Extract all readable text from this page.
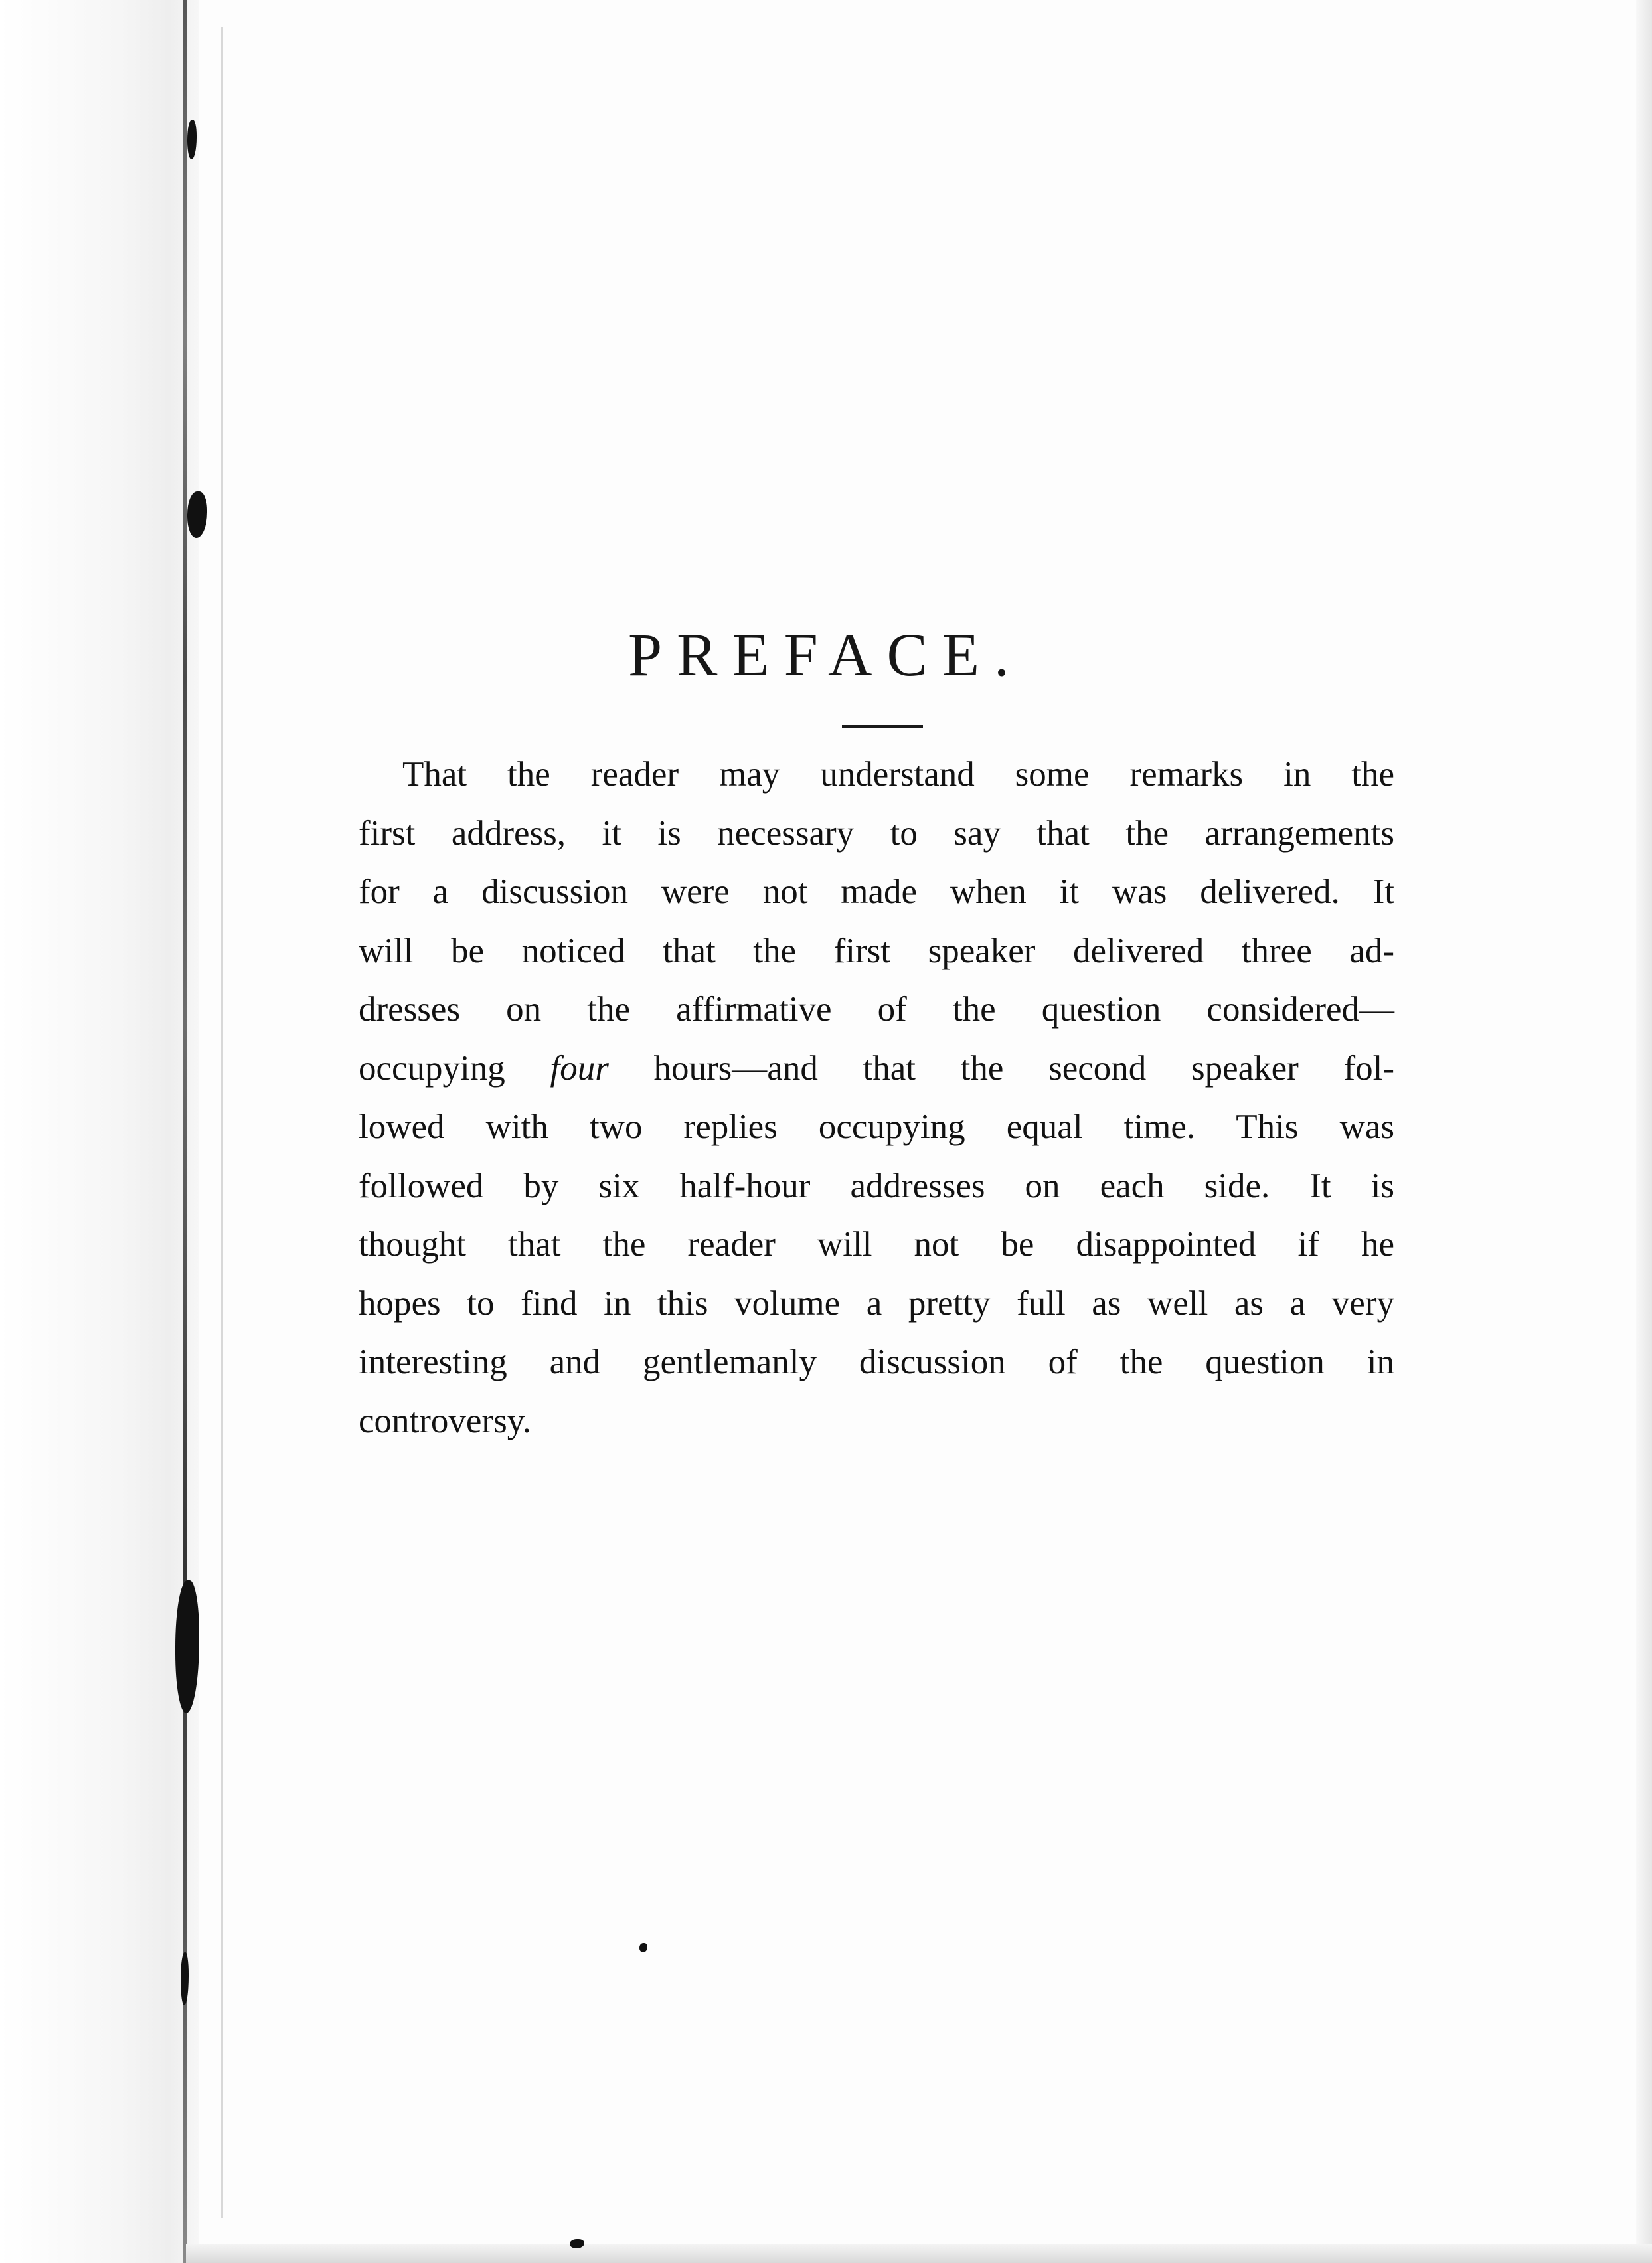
PREFACE.
That the reader may understand some remarks in the
first address, it is necessary to say that the arrangements
for a discussion were not made when it was delivered. It
will be noticed that the first speaker delivered three ad-
dresses on the affirmative of the question considered—
occupying four hours—and that the second speaker fol-
lowed with two replies occupying equal time. This was
followed by six half-hour addresses on each side. It is
thought that the reader will not be disappointed if he
hopes to find in this volume a pretty full as well as a very
interesting and gentlemanly discussion of the question in
controversy.
